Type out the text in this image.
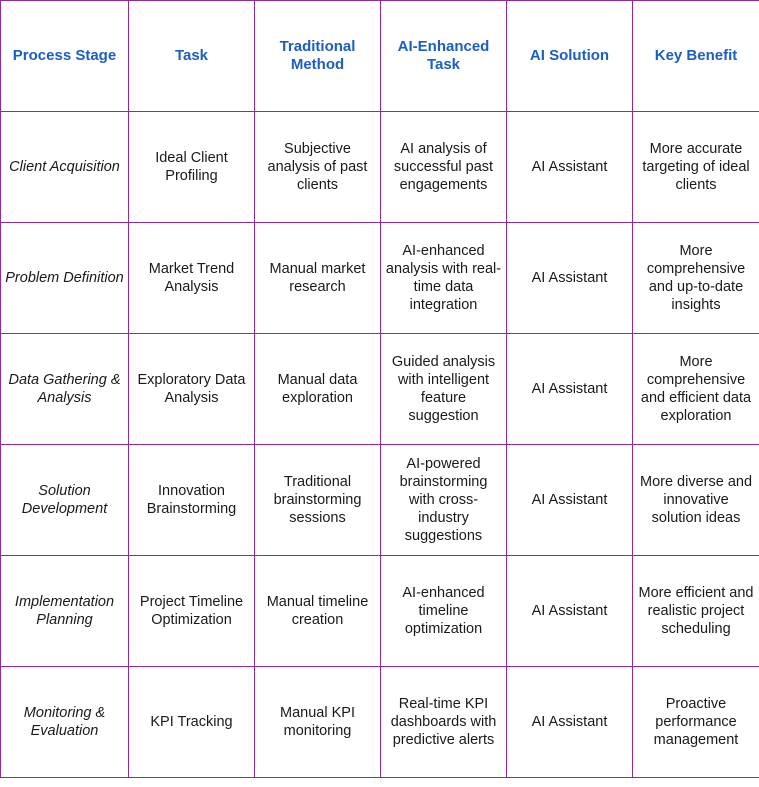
Process Stage	Task	Traditional Method	AI-Enhanced Task	AI Solution	Key Benefit
Client Acquisition	Ideal Client Profiling	Subjective analysis of past clients	AI analysis of successful past engagements	AI Assistant	More accurate targeting of ideal clients
Problem Definition	Market Trend Analysis	Manual market research	AI-enhanced analysis with real-time data integration	AI Assistant	More comprehensive and up-to-date insights
Data Gathering & Analysis	Exploratory Data Analysis	Manual data exploration	Guided analysis with intelligent feature suggestion	AI Assistant	More comprehensive and efficient data exploration
Solution Development	Innovation Brainstorming	Traditional brainstorming sessions	AI-powered brainstorming with cross-industry suggestions	AI Assistant	More diverse and innovative solution ideas
Implementation Planning	Project Timeline Optimization	Manual timeline creation	AI-enhanced timeline optimization	AI Assistant	More efficient and realistic project scheduling
Monitoring & Evaluation	KPI Tracking	Manual KPI monitoring	Real-time KPI dashboards with predictive alerts	AI Assistant	Proactive performance management
